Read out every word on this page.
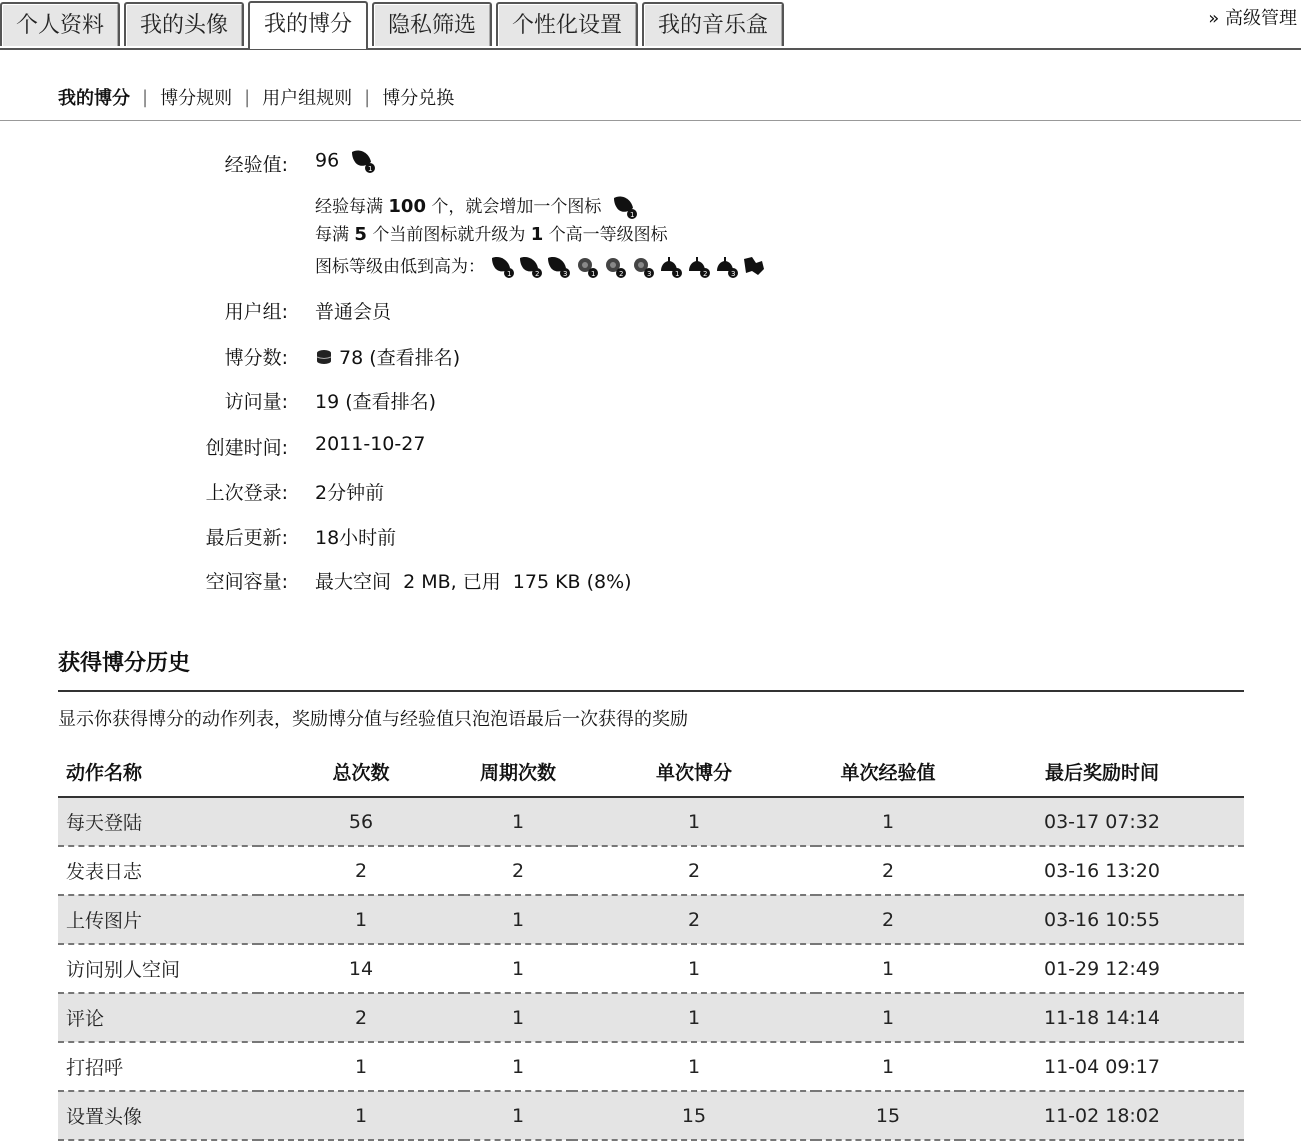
个人资料	我的头像	我的博分	隐私筛选	个性化设置	我的音乐盒	» 高级管理
我的博分 | 博分规则 | 用户组规则 | 博分兑换
经验值: 96	1
经验每满 100 个，就会增加一个图标	1
每满 5 个当前图标就升级为 1 个高一等级图标
图标等级由低到高为：	1	2	3	1	2	3	1	2	3
用户组: 普通会员
博分数:	78 (查看排名)
访问量: 19 (查看排名)
创建时间: 2011-10-27
上次登录: 2分钟前
最后更新: 18小时前
空间容量: 最大空间  2 MB, 已用  175 KB (8%)
获得博分历史
显示你获得博分的动作列表，奖励博分值与经验值只泡泡语最后一次获得的奖励
动作名称	总次数	周期次数	单次博分	单次经验值	最后奖励时间
每天登陆	56	1	1	1	03-17 07:32
发表日志	2	2	2	2	03-16 13:20
上传图片	1	1	2	2	03-16 10:55
访问别人空间	14	1	1	1	01-29 12:49
评论	2	1	1	1	11-18 14:14
打招呼	1	1	1	1	11-04 09:17
设置头像	1	1	15	15	11-02 18:02
